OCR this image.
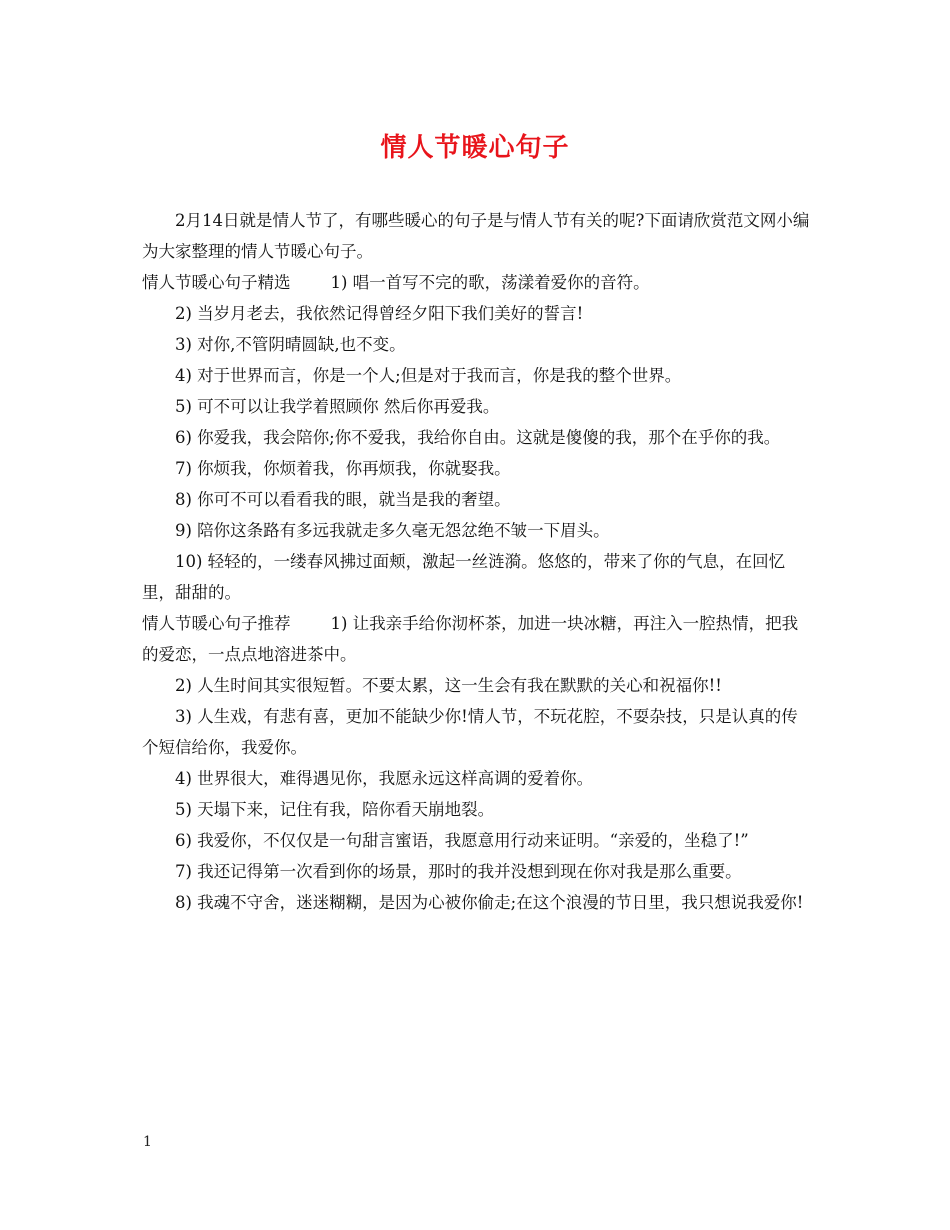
情人节暖心句子

2月14日就是情人节了，有哪些暖心的句子是与情人节有关的呢?下面请欣赏范文网小编为大家整理的情人节暖心句子。

情人节暖心句子精选 1) 唱一首写不完的歌，荡漾着爱你的音符。

2) 当岁月老去，我依然记得曾经夕阳下我们美好的誓言!

3) 对你,不管阴晴圆缺,也不变。

4) 对于世界而言，你是一个人;但是对于我而言，你是我的整个世界。

5) 可不可以让我学着照顾你 然后你再爱我。

6) 你爱我，我会陪你;你不爱我，我给你自由。这就是傻傻的我，那个在乎你的我。

7) 你烦我，你烦着我，你再烦我，你就娶我。

8) 你可不可以看看我的眼，就当是我的奢望。

9) 陪你这条路有多远我就走多久毫无怨忿绝不皱一下眉头。

10) 轻轻的，一缕春风拂过面颊，激起一丝涟漪。悠悠的，带来了你的气息，在回忆里，甜甜的。

情人节暖心句子推荐 1) 让我亲手给你沏杯茶，加进一块冰糖，再注入一腔热情，把我的爱恋，一点点地溶进茶中。

2) 人生时间其实很短暂。不要太累，这一生会有我在默默的关心和祝福你!!

3) 人生戏，有悲有喜，更加不能缺少你!情人节，不玩花腔，不耍杂技，只是认真的传个短信给你，我爱你。

4) 世界很大，难得遇见你，我愿永远这样高调的爱着你。

5) 天塌下来，记住有我，陪你看天崩地裂。

6) 我爱你，不仅仅是一句甜言蜜语，我愿意用行动来证明。“亲爱的，坐稳了!”

7) 我还记得第一次看到你的场景，那时的我并没想到现在你对我是那么重要。

8) 我魂不守舍，迷迷糊糊，是因为心被你偷走;在这个浪漫的节日里，我只想说我爱你!

1
